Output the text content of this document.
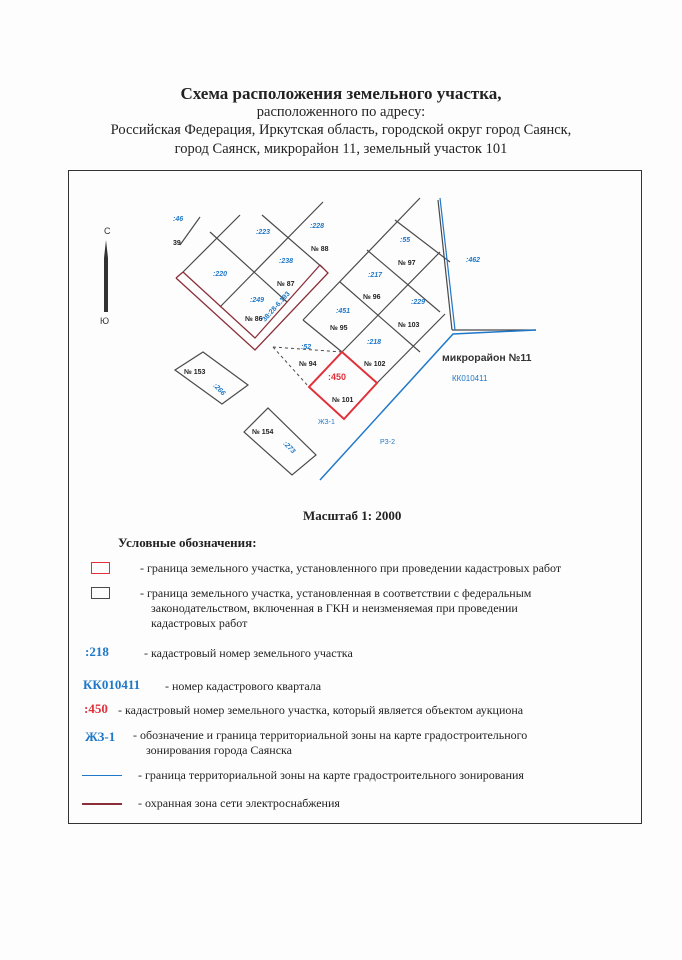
Схема расположения земельного участка,
расположенного по адресу:
Российская Федерация, Иркутская область, городской округ город Саянск,
город Саянск, микрорайон 11, земельный участок 101
С
Ю
:46
39
:223
:228
№ 88
:238
:220
№ 87
:249
№ 86
:55
:462
:217
№ 97
№ 96
:229
:451
№ 95	№ 103
:52
:218
№ 94	№ 102
:450
№ 101
№ 153
:266
№ 154
:273
38:28-6.193
микрорайон №11
КК010411
ЖЗ-1
РЗ-2
Масштаб 1: 2000
Условные обозначения:
- граница земельного участка, установленного при проведении кадастровых работ
- граница земельного участка, установленная в соответствии с федеральным
законодательством, включенная в ГКН и неизменяемая при проведении
кадастровых работ
:218	- кадастровый номер земельного участка
КК010411 - номер кадастрового квартала
:450 - кадастровый номер земельного участка, который является объектом аукциона
ЖЗ-1 - обозначение и граница территориальной зоны на карте градостроительного
зонирования города Саянска
- граница территориальной зоны на карте градостроительного зонирования
- охранная зона сети электроснабжения
